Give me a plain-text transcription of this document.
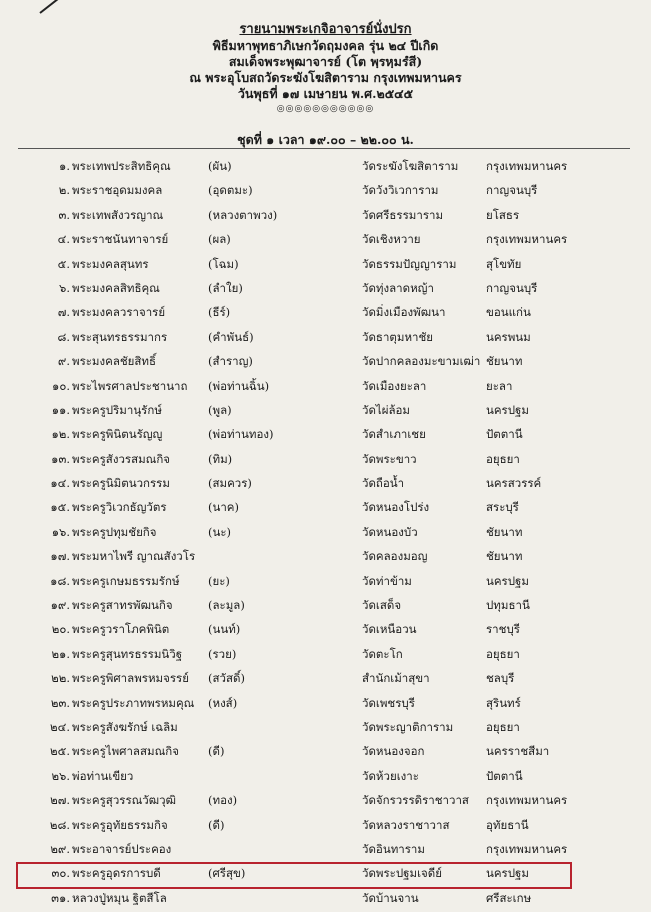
รายนามพระเกจิอาจารย์นั่งปรก
พิธีมหาพุทธาภิเษกวัดฤมงคล รุ่น ๒๔ ปีเกิด
สมเด็จพระพุฒาจารย์ (โต พฺรหฺมรํสี)
ณ พระอุโบสถวัดระฆังโฆสิตาราม กรุงเทพมหานคร
วันพุธที่ ๑๗ เมษายน พ.ศ.๒๕๔๕
◎◎◎◎◎◎◎◎◎◎◎
ชุดที่ ๑ เวลา ๑๙.๐๐ – ๒๒.๐๐ น.
๑. พระเทพประสิทธิคุณ	(ผัน)	วัดระฆังโฆสิตาราม กรุงเทพมหานคร
๒. พระราชอุดมมงคล	(อุดตมะ)	วัดวังวิเวการาม	กาญจนบุรี
๓. พระเทพสังวรญาณ	(หลวงตาพวง)	วัดศรีธรรมาราม	ยโสธร
๔. พระราชนันทาจารย์	(ผล)	วัดเชิงหวาย	กรุงเทพมหานคร
๕. พระมงคลสุนทร	(โฉม)	วัดธรรมปัญญาราม	สุโขทัย
๖. พระมงคลสิทธิคุณ	(ลำใย)	วัดทุ่งลาดหญ้า	กาญจนบุรี
๗. พระมงคลวราจารย์	(ธีร์)	วัดมิ่งเมืองพัฒนา	ขอนแก่น
๘. พระสุนทรธรรมากร	(คำพันธ์)	วัดธาตุมหาชัย	นครพนม
๙. พระมงคลชัยสิทธิ์	(สำราญ)	วัดปากคลองมะขามเฒ่า ชัยนาท
๑๐. พระไพรศาลประชานาถ (พ่อท่านฉิ้น)	วัดเมืองยะลา	ยะลา
๑๑. พระครูปริมานุรักษ์	(พูล)	วัดไผ่ล้อม	นครปฐม
๑๒. พระครูพินิตนรัญญู	(พ่อท่านทอง)	วัดสำเภาเชย	ปัตตานี
๑๓. พระครูสังวรสมณกิจ	(ทิม)	วัดพระขาว	อยุธยา
๑๔. พระครูนิมิตนวกรรม	(สมควร)	วัดถือน้ำ	นครสวรรค์
๑๕. พระครูวิเวกธัญวัตร	(นาค)	วัดหนองโปร่ง	สระบุรี
๑๖. พระครูปทุมชัยกิจ	(นะ)	วัดหนองบัว	ชัยนาท
๑๗. พระมหาไพรี ญาณสังวโร	วัดคลองมอญ	ชัยนาท
๑๘. พระครูเกษมธรรมรักษ์ (ยะ)	วัดท่าข้าม	นครปฐม
๑๙. พระครูสาทรพัฒนกิจ	(ละมูล)	วัดเสด็จ	ปทุมธานี
๒๐. พระครูวราโภคพินิต	(นนท์)	วัดเหนือวน	ราชบุรี
๒๑. พระครูสุนทรธรรมนิวิฐ (รวย)	วัดตะโก	อยุธยา
๒๒. พระครูพิศาลพรหมจรรย์ (สวัสดิ์)	สำนักเม้าสุขา	ชลบุรี
๒๓. พระครูประภาทพรหมคุณ (หงส์)	วัดเพชรบุรี	สุรินทร์
๒๔. พระครูสังฆรักษ์ เฉลิม	วัดพระญาติการาม	อยุธยา
๒๕. พระครูไพศาลสมณกิจ	(ดี)	วัดหนองจอก	นครราชสีมา
๒๖. พ่อท่านเขียว	วัดห้วยเงาะ	ปัตตานี
๒๗. พระครูสุวรรณวัฒวุฒิ	(ทอง)	วัดจักรวรรดิราชาวาส กรุงเทพมหานคร
๒๘. พระครูอุทัยธรรมกิจ	(ดี)	วัดหลวงราชาวาส	อุทัยธานี
๒๙. พระอาจารย์ประคอง	วัดอินทาราม	กรุงเทพมหานคร
๓๐. พระครูอุดรการบดี	(ศรีสุข)	วัดพระปฐมเจดีย์	นครปฐม
๓๑. หลวงปู่หมุน ฐิตสีโล	วัดบ้านจาน	ศรีสะเกษ
